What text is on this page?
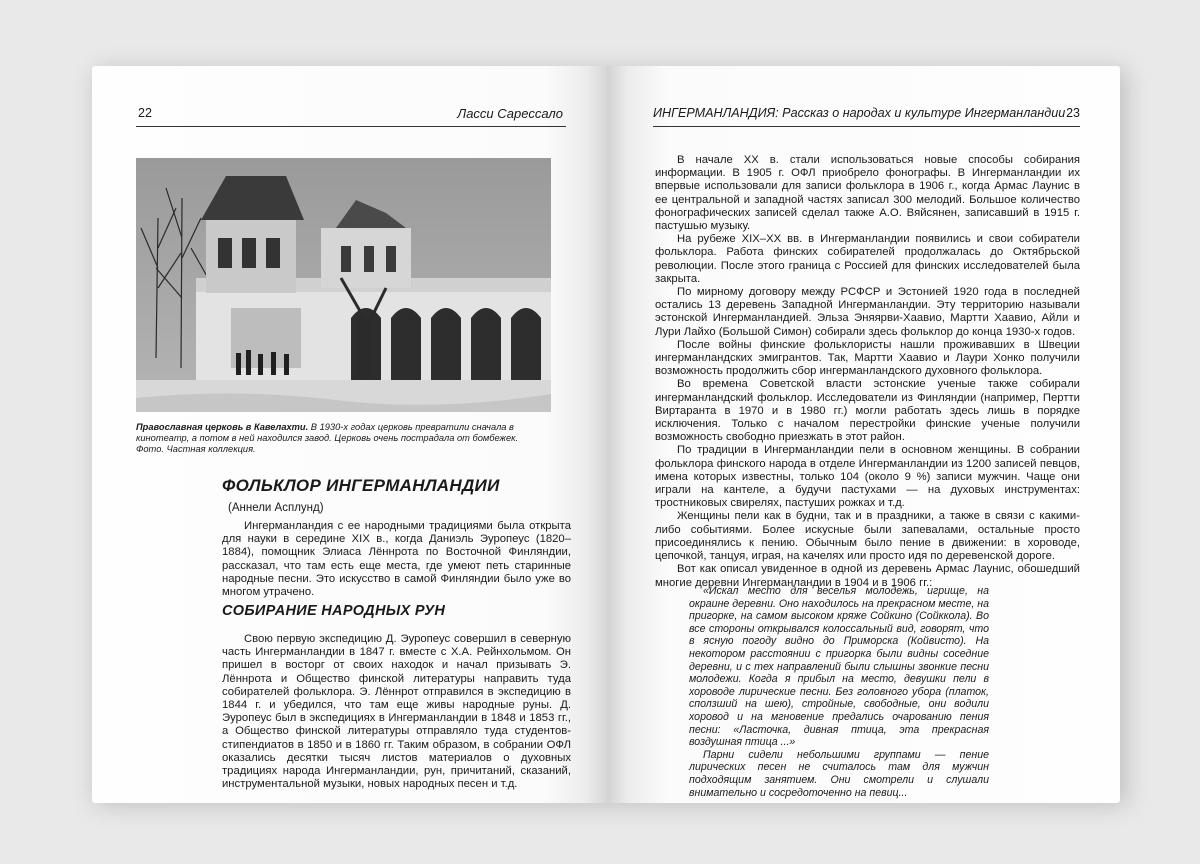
22	Ласси Сарессало
Православная церковь в Кавелахти. В 1930-х годах церковь превратили сначала в кинотеатр, а потом в ней находился завод. Церковь очень пострадала от бомбежек.
Фото. Частная коллекция.
ФОЛЬКЛОР ИНГЕРМАНЛАНДИИ
(Аннели Асплунд)

Ингерманландия с ее народными традициями была открыта для науки в середине XIX в., когда Даниэль Эуропеус (1820–1884), помощник Элиаса Лённрота по Восточной Финляндии, рассказал, что там есть еще места, где умеют петь старинные народные песни. Это искусство в самой Финляндии было уже во многом утрачено.

СОБИРАНИЕ НАРОДНЫХ РУН

Свою первую экспедицию Д. Эуропеус совершил в северную часть Ингерманландии в 1847 г. вместе с Х.А. Рейнхольмом. Он пришел в восторг от своих находок и начал призывать Э. Лённрота и Общество финской литературы направить туда собирателей фольклора. Э. Лённрот отправился в экспедицию в 1844 г. и убедился, что там еще живы народные руны. Д. Эуропеус был в экспедициях в Ингерманландии в 1848 и 1853 гг., а Общество финской литературы отправляло туда студентов-стипендиатов в 1850 и в 1860 гг. Таким образом, в собрании ОФЛ оказались десятки тысяч листов материалов о духовных традициях народа Ингерманландии, рун, причитаний, сказаний, инструментальной музыки, новых народных песен и т.д.

ИНГЕРМАНЛАНДИЯ: Рассказ о народах и культуре Ингерманландии 23

В начале XX в. стали использоваться новые способы собирания информации. В 1905 г. ОФЛ приобрело фонографы. В Ингерманландии их впервые использовали для записи фольклора в 1906 г., когда Армас Лаунис в ее центральной и западной частях записал 300 мелодий. Большое количество фонографических записей сделал также А.О. Вяйсянен, записавший в 1915 г. пастушью музыку.

На рубеже XIX–XX вв. в Ингерманландии появились и свои собиратели фольклора. Работа финских собирателей продолжалась до Октябрьской революции. После этого граница с Россией для финских исследователей была закрыта.

По мирному договору между РСФСР и Эстонией 1920 года в последней остались 13 деревень Западной Ингерманландии. Эту территорию называли эстонской Ингерманландией. Эльза Эняярви-Хаавио, Мартти Хаавио, Айли и Лури Лайхо (Большой Симон) собирали здесь фольклор до конца 1930-х годов.

После войны финские фольклористы нашли проживавших в Швеции ингерманландских эмигрантов. Так, Мартти Хаавио и Лаури Хонко получили возможность продолжить сбор ингерманландского духовного фольклора.

Во времена Советской власти эстонские ученые также собирали ингерманландский фольклор. Исследователи из Финляндии (например, Пертти Виртаранта в 1970 и в 1980 гг.) могли работать здесь лишь в порядке исключения. Только с началом перестройки финские ученые получили возможность свободно приезжать в этот район.

По традиции в Ингерманландии пели в основном женщины. В собрании фольклора финского народа в отделе Ингерманландии из 1200 записей певцов, имена которых известны, только 104 (около 9 %) записи мужчин. Чаще они играли на кантеле, а будучи пастухами — на духовых инструментах: тростниковых свирелях, пастуших рожках и т.д.

Женщины пели как в будни, так и в праздники, а также в связи с какими-либо событиями. Более искусные были запевалами, остальные просто присоединялись к пению. Обычным было пение в движении: в хороводе, цепочкой, танцуя, играя, на качелях или просто идя по деревенской дороге.

Вот как описал увиденное в одной из деревень Армас Лаунис, обошедший многие деревни Ингерманландии в 1904 и в 1906 гг.:

«Искал место для веселья молодежь, игрище, на окраине деревни. Оно находилось на прекрасном месте, на пригорке, на самом высоком кряже Сойкино (Сойккола). Во все стороны открывался колоссальный вид, говорят, что в ясную погоду видно до Приморска (Койвисто). На некотором расстоянии с пригорка были видны соседние деревни, и с тех направлений были слышны звонкие песни молодежи. Когда я прибыл на место, девушки пели в хороводе лирические песни. Без головного убора (платок, сползший на шею), стройные, свободные, они водили хоровод и на мгновение предались очарованию пения песни: «Ласточка, дивная птица, эта прекрасная воздушная птица ...»

Парни сидели небольшими группами — пение лирических песен не считалось там для мужчин подходящим занятием. Они смотрели и слушали внимательно и сосредоточенно на певиц...
